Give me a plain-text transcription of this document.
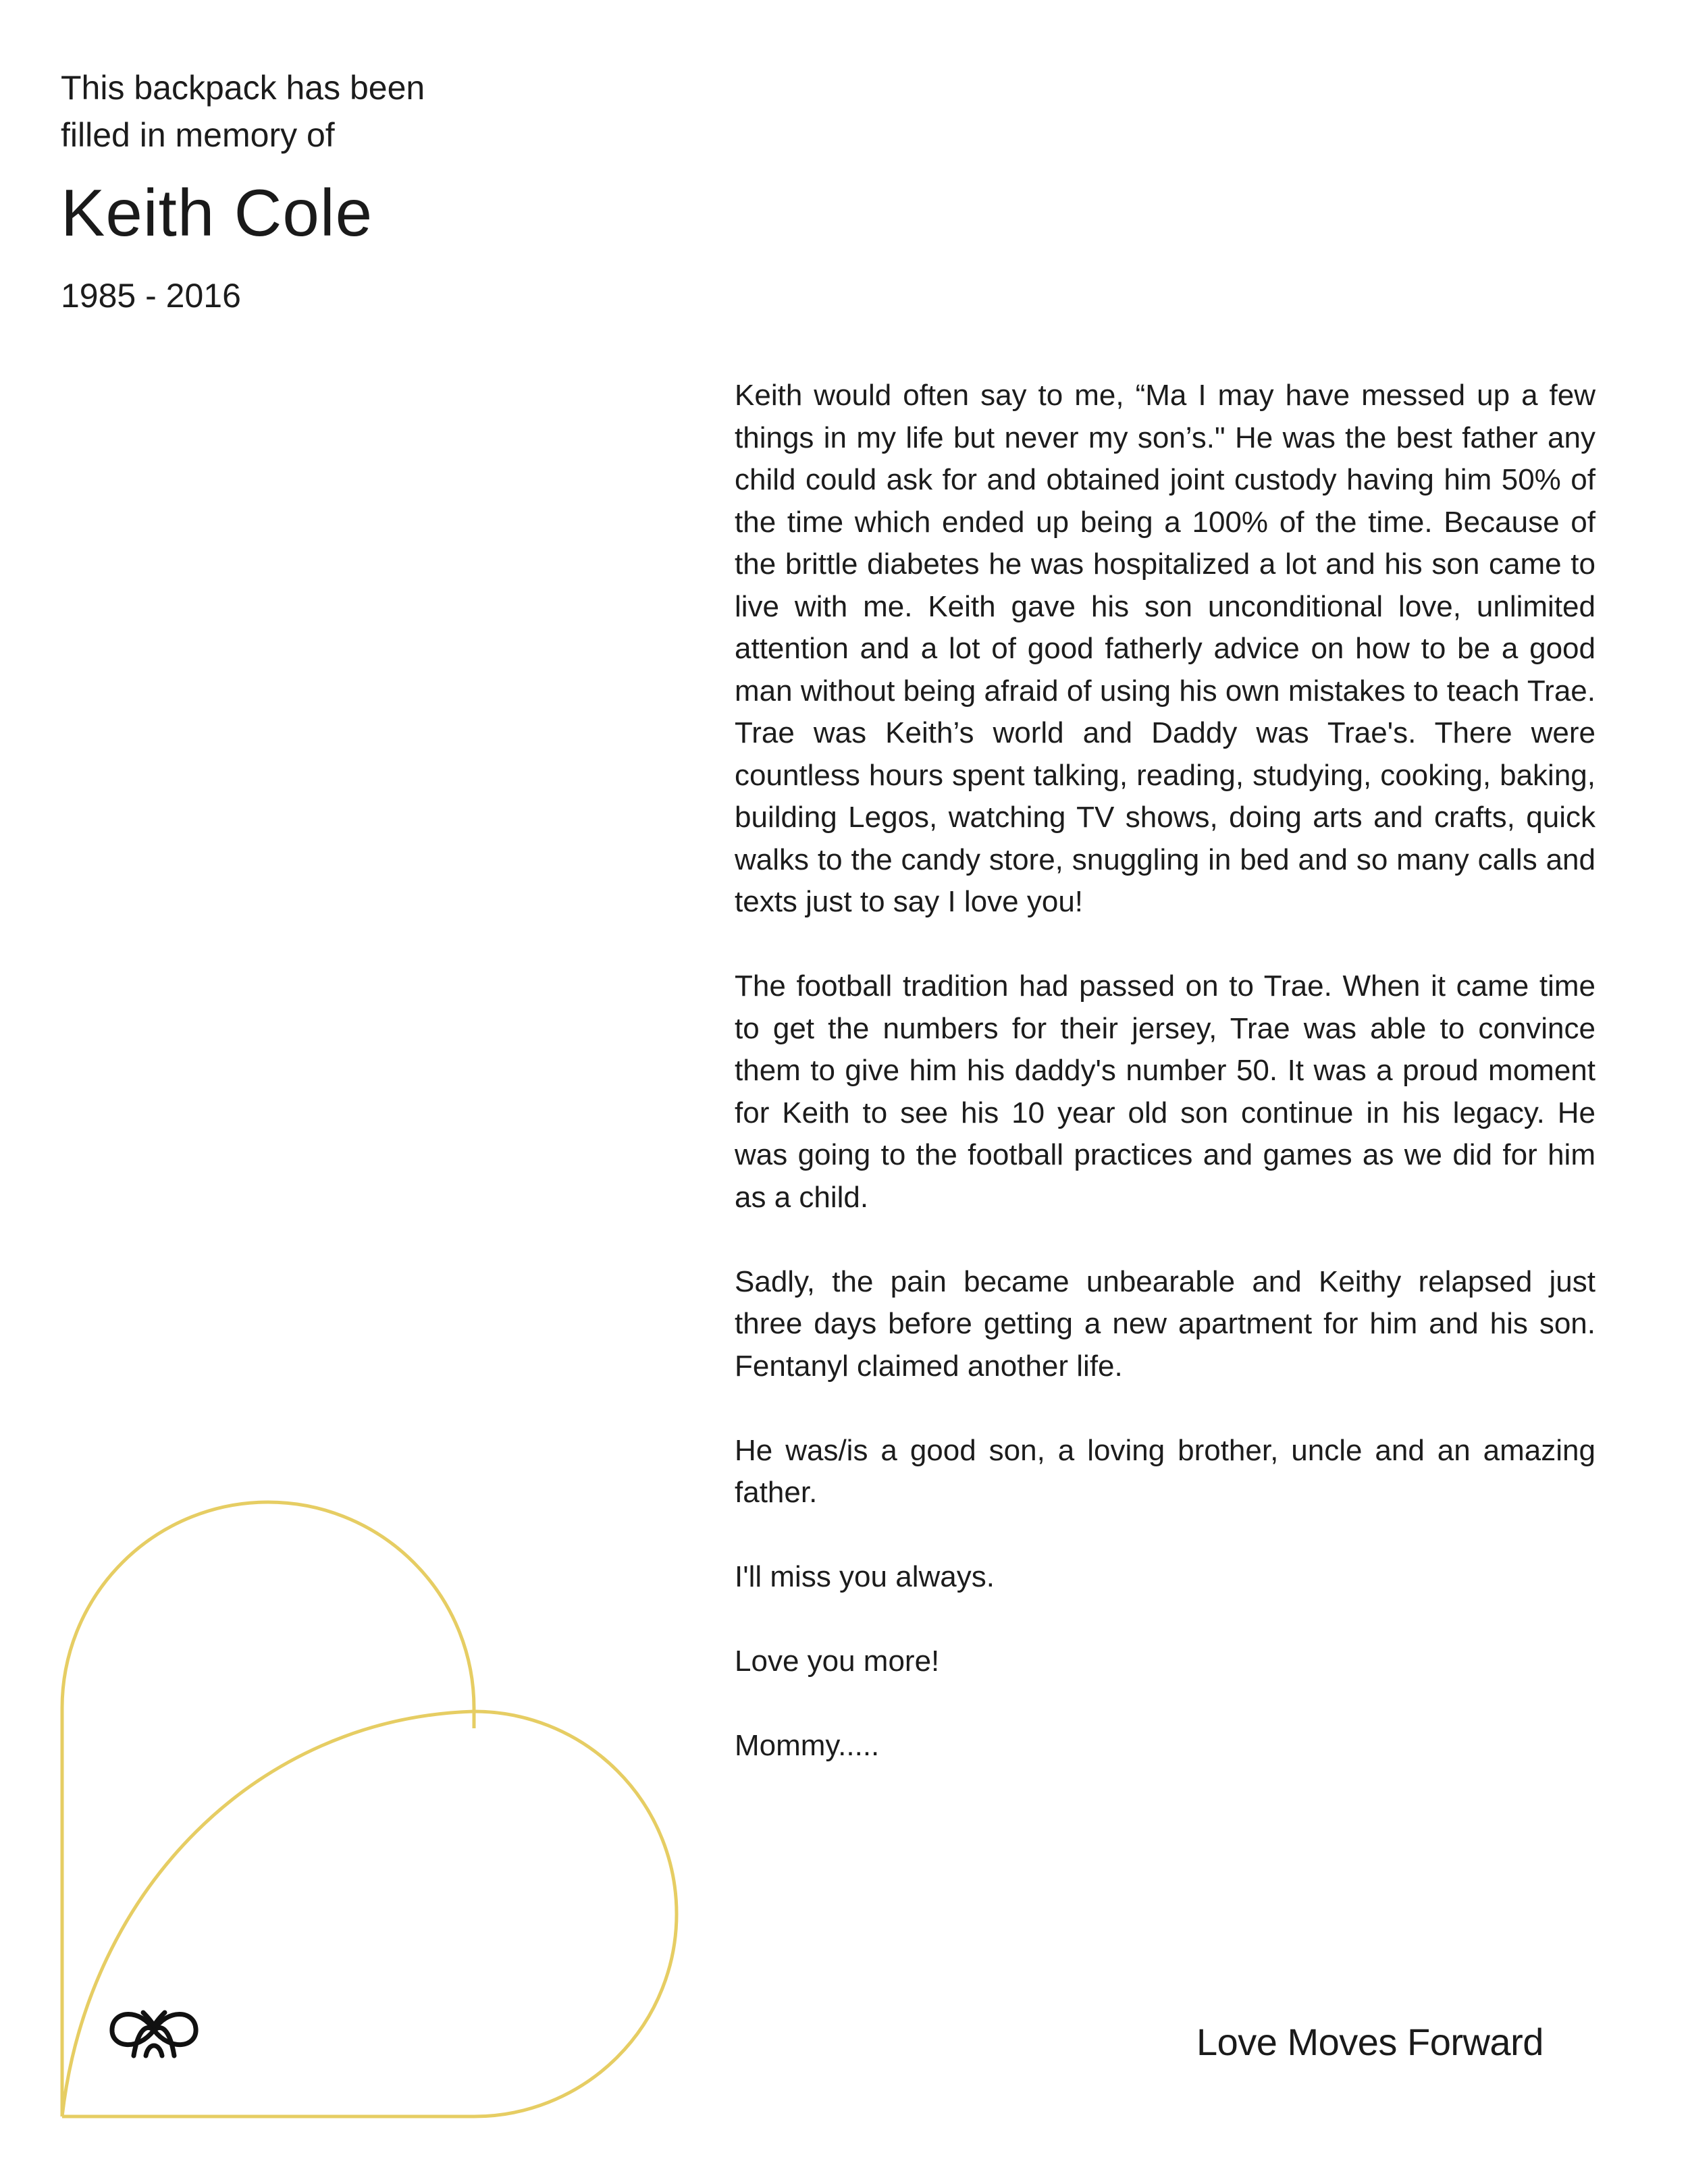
This backpack has been
filled in memory of
Keith Cole
1985 - 2016

Keith would often say to me, “Ma I may have messed up a few things in my life but never my son’s." He was the best father any child could ask for and obtained joint custody having him 50% of the time which ended up being a 100% of the time. Because of the brittle diabetes he was hospitalized a lot and his son came to live with me. Keith gave his son unconditional love, unlimited attention and a lot of good fatherly advice on how to be a good man without being afraid of using his own mistakes to teach Trae. Trae was Keith’s world and Daddy was Trae's. There were countless hours spent talking, reading, studying, cooking, baking, building Legos, watching TV shows, doing arts and crafts, quick walks to the candy store, snuggling in bed and so many calls and texts just to say I love you!

The football tradition had passed on to Trae. When it came time to get the numbers for their jersey, Trae was able to convince them to give him his daddy's number 50. It was a proud moment for Keith to see his 10 year old son continue in his legacy. He was going to the football practices and games as we did for him as a child.

Sadly, the pain became unbearable and Keithy relapsed just three days before getting a new apartment for him and his son. Fentanyl claimed another life.

He was/is a good son, a loving brother, uncle and an amazing father.

I'll miss you always.

Love you more!

Mommy.....

Love Moves Forward
